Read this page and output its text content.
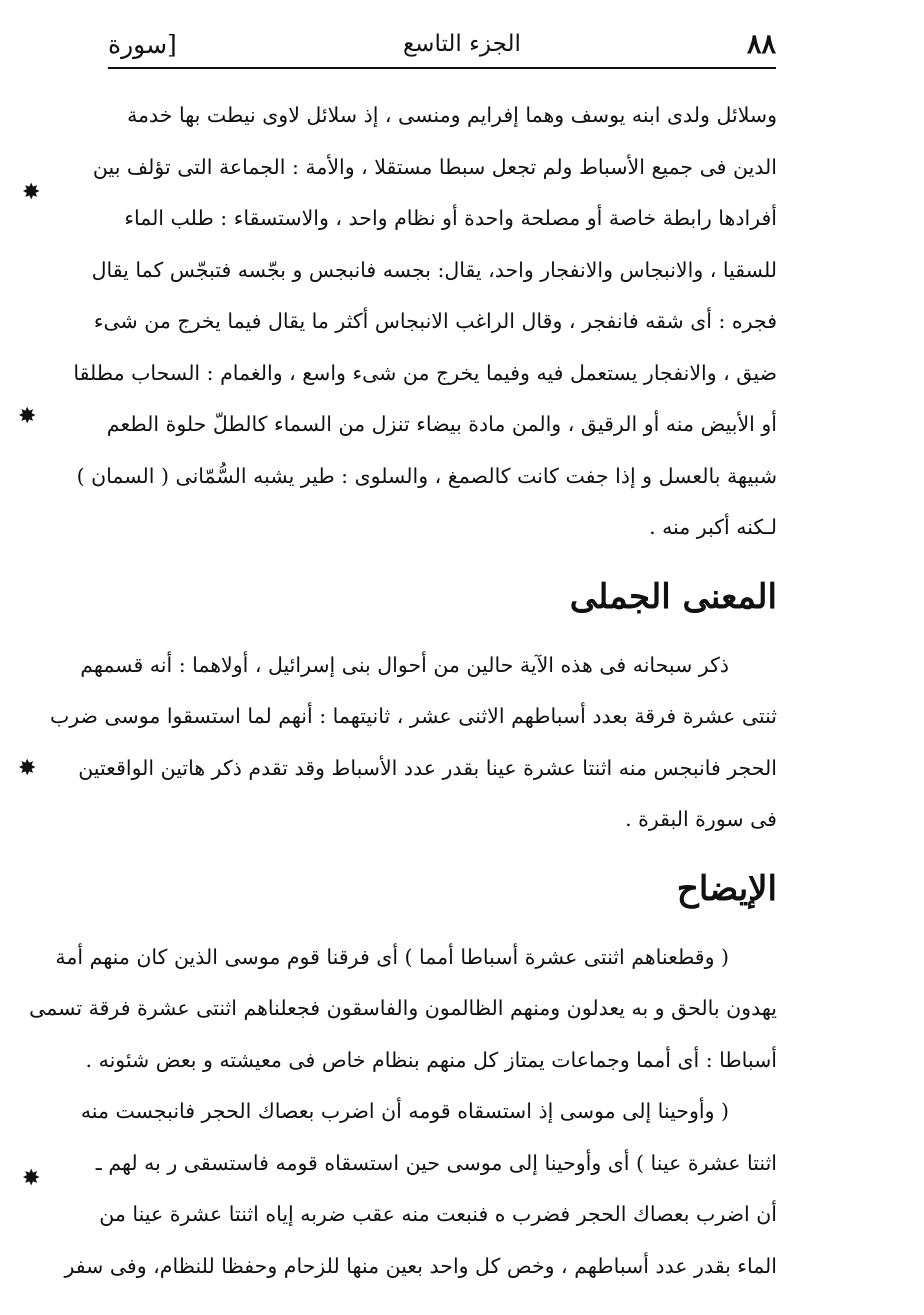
٨٨
الجزء التاسع
[سورة
✸
✸
✸
✸
وسلائل ولدى ابنه يوسف وهما إفرايم ومنسى ، إذ سلائل لاوى نيطت بها خدمة
الدين فى جميع الأسباط ولم تجعل سبطا مستقلا ، والأمة : الجماعة التى تؤلف بين
أفرادها رابطة خاصة أو مصلحة واحدة أو نظام واحد ، والاستسقاء : طلب الماء
للسقيا ، والانبجاس والانفجار واحد، يقال: بجسه فانبجس و بجّسه فتبجّس كما يقال
فجره : أى شقه فانفجر ، وقال الراغب الانبجاس أكثر ما يقال فيما يخرج من شىء
ضيق ، والانفجار يستعمل فيه وفيما يخرج من شىء واسع ، والغمام : السحاب مطلقا
أو الأبيض منه أو الرقيق ، والمن مادة بيضاء تنزل من السماء كالطلّ حلوة الطعم
شبيهة بالعسل و إذا جفت كانت كالصمغ ، والسلوى : طير يشبه السُّمّانى ( السمان )
لـكنه أكبر منه .
المعنى الجملى
ذكر سبحانه فى هذه الآية حالين من أحوال بنى إسرائيل ، أولاهما : أنه قسمهم
ثنتى عشرة فرقة بعدد أسباطهم الاثنى عشر ، ثانيتهما : أنهم لما استسقوا موسى ضرب
الحجر فانبجس منه اثنتا عشرة عينا بقدر عدد الأسباط وقد تقدم ذكر هاتين الواقعتين
فى سورة البقرة .
الإيضاح
( وقطعناهم اثنتى عشرة أسباطا أمما ) أى فرقنا قوم موسى الذين كان منهم أمة
يهدون بالحق و به يعدلون ومنهم الظالمون والفاسقون فجعلناهم اثنتى عشرة فرقة تسمى
أسباطا : أى أمما وجماعات يمتاز كل منهم بنظام خاص فى معيشته و بعض شئونه .
( وأوحينا إلى موسى إذ استسقاه قومه أن اضرب بعصاك الحجر فانبجست منه
اثنتا عشرة عينا ) أى وأوحينا إلى موسى حين استسقاه قومه فاستسقى ر به لهم ـ
أن اضرب بعصاك الحجر فضرب ه فنبعت منه عقب ضربه إياه اثنتا عشرة عينا من
الماء بقدر عدد أسباطهم ، وخص كل واحد بعين منها للزحام وحفظا للنظام، وفى سفر
